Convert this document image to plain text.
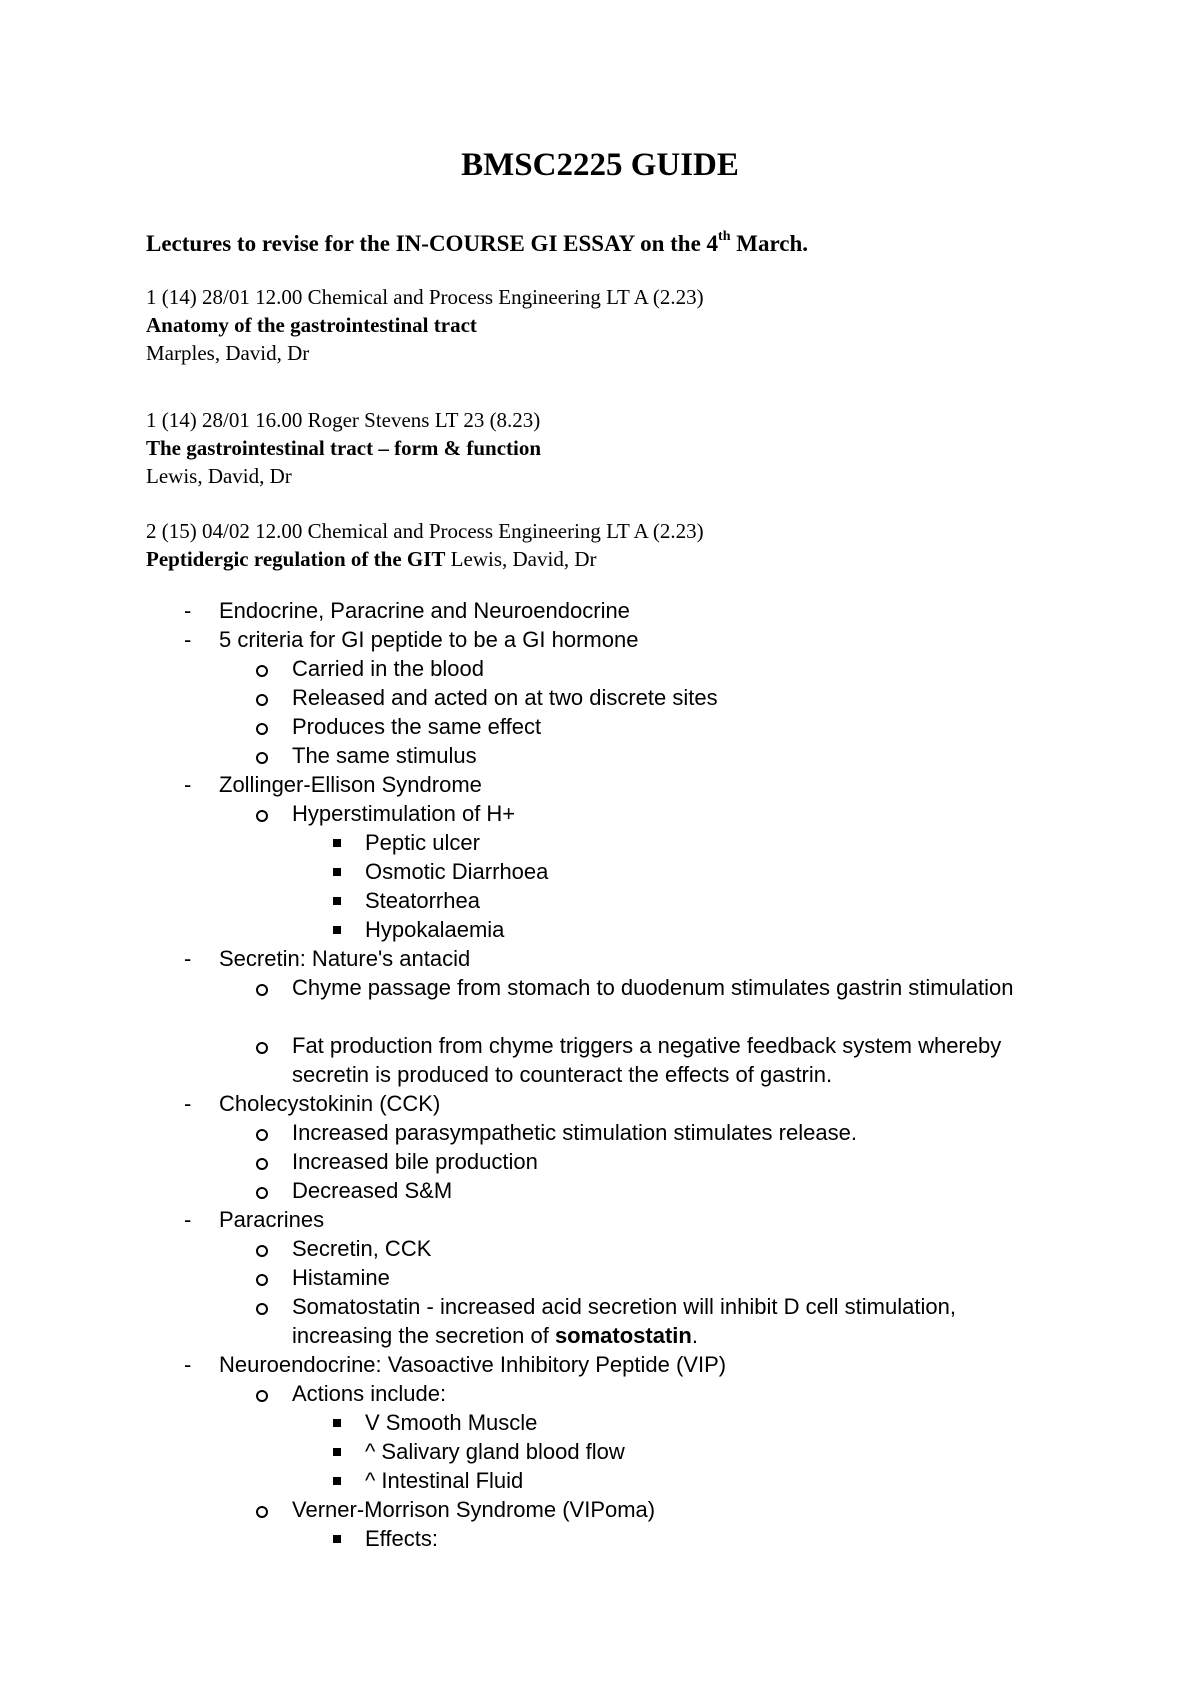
BMSC2225 GUIDE
Lectures to revise for the IN-COURSE GI ESSAY on the 4th March.
1 (14) 28/01 12.00 Chemical and Process Engineering LT A (2.23)
Anatomy of the gastrointestinal tract
Marples, David, Dr
1 (14) 28/01 16.00 Roger Stevens LT 23 (8.23)
The gastrointestinal tract – form & function
Lewis, David, Dr
2 (15) 04/02 12.00 Chemical and Process Engineering LT A (2.23)
Peptidergic regulation of the GIT Lewis, David, Dr
- Endocrine, Paracrine and Neuroendocrine
- 5 criteria for GI peptide to be a GI hormone
Carried in the blood
Released and acted on at two discrete sites
Produces the same effect
The same stimulus
- Zollinger-Ellison Syndrome
Hyperstimulation of H+
Peptic ulcer
Osmotic Diarrhoea
Steatorrhea
Hypokalaemia
- Secretin: Nature's antacid
Chyme passage from stomach to duodenum stimulates gastrin stimulation
Fat production from chyme triggers a negative feedback system whereby secretin is produced to counteract the effects of gastrin.
- Cholecystokinin (CCK)
Increased parasympathetic stimulation stimulates release.
Increased bile production
Decreased S&M
- Paracrines
Secretin, CCK
Histamine
Somatostatin - increased acid secretion will inhibit D cell stimulation, increasing the secretion of somatostatin.
- Neuroendocrine: Vasoactive Inhibitory Peptide (VIP)
Actions include:
V Smooth Muscle
^ Salivary gland blood flow
^ Intestinal Fluid
Verner-Morrison Syndrome (VIPoma)
Effects:
